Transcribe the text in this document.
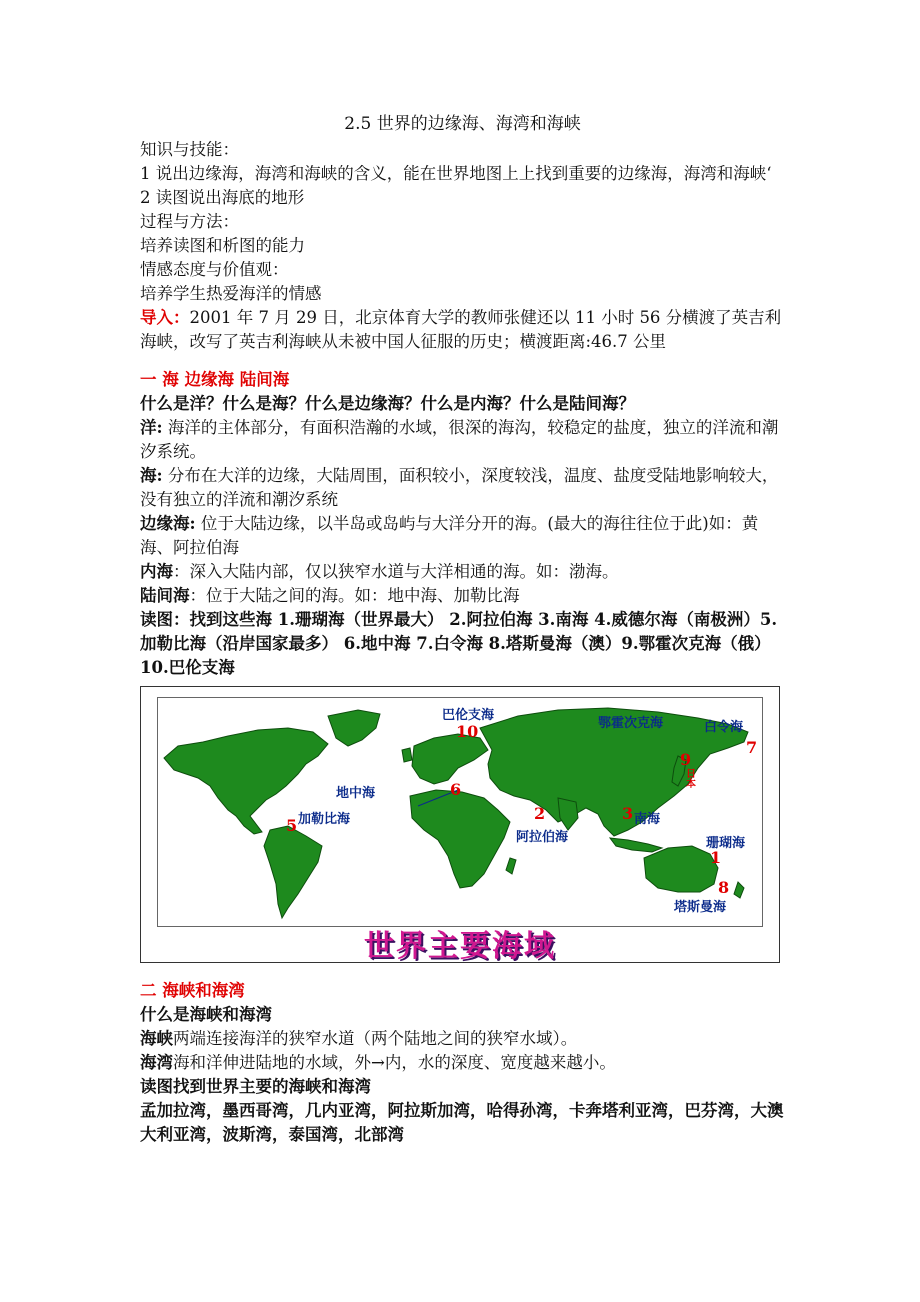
2.5 世界的边缘海、海湾和海峡

知识与技能：

1 说出边缘海，海湾和海峡的含义，能在世界地图上上找到重要的边缘海，海湾和海峡‘

2 读图说出海底的地形

过程与方法：

培养读图和析图的能力

情感态度与价值观：

培养学生热爱海洋的情感

导入：2001 年 7 月 29 日，北京体育大学的教师张健还以 11 小时 56 分横渡了英吉利海峡，改写了英吉利海峡从未被中国人征服的历史；横渡距离:46.7 公里

一 海 边缘海 陆间海

什么是洋？什么是海？什么是边缘海？什么是内海？什么是陆间海？

洋: 海洋的主体部分，有面积浩瀚的水域，很深的海沟，较稳定的盐度，独立的洋流和潮汐系统。

海: 分布在大洋的边缘，大陆周围，面积较小，深度较浅，温度、盐度受陆地影响较大，没有独立的洋流和潮汐系统

边缘海: 位于大陆边缘，以半岛或岛屿与大洋分开的海。(最大的海往往位于此)如：黄海、阿拉伯海

内海：深入大陆内部，仅以狭窄水道与大洋相通的海。如：渤海。

陆间海：位于大陆之间的海。如：地中海、加勒比海

读图：找到这些海 1.珊瑚海（世界最大） 2.阿拉伯海 3.南海 4.威德尔海（南极洲）5.加勒比海（沿岸国家最多） 6.地中海 7.白令海 8.塔斯曼海（澳）9.鄂霍次克海（俄）10.巴伦支海

巴伦支海
10	鄂霍次克海	白令海
7
9
日本
地中海	6
加勒比海
5
2
阿拉伯海
3 南海
珊瑚海
1
8
塔斯曼海
世界主要海域
二 海峡和海湾

什么是海峡和海湾

海峡两端连接海洋的狭窄水道（两个陆地之间的狭窄水域）。

海湾海和洋伸进陆地的水域，外→内，水的深度、宽度越来越小。

读图找到世界主要的海峡和海湾

孟加拉湾，墨西哥湾，几内亚湾，阿拉斯加湾，哈得孙湾，卡奔塔利亚湾，巴芬湾，大澳大利亚湾，波斯湾，泰国湾，北部湾
